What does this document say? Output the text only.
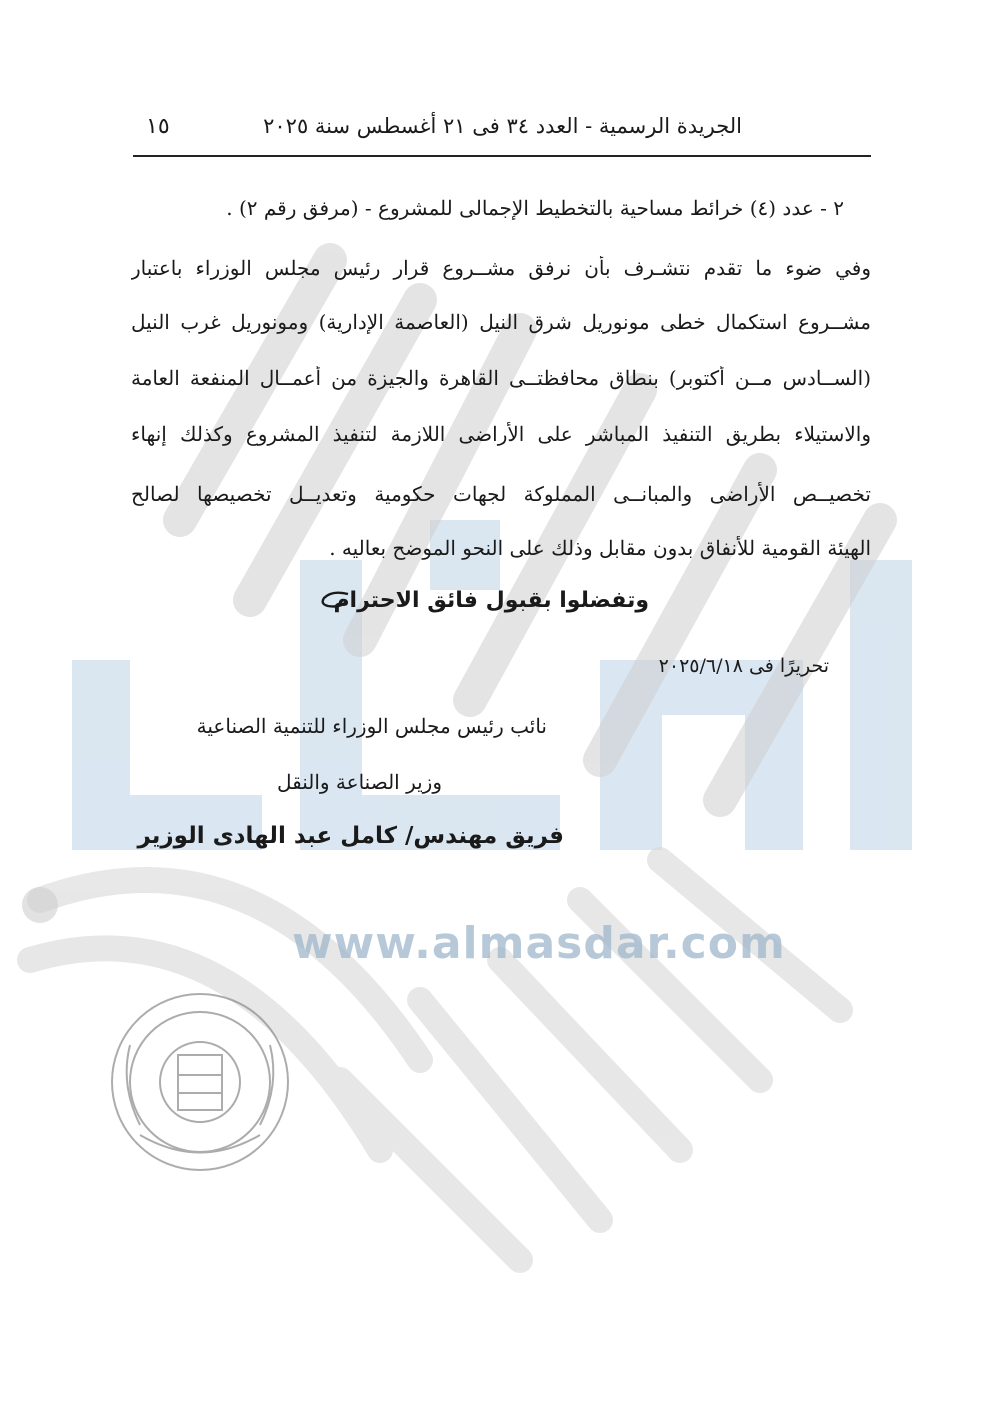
الجريدة الرسمية - العدد ٣٤ فى ٢١ أغسطس سنة ٢٠٢٥
١٥
٢ - عدد (٤) خرائط مساحية بالتخطيط الإجمالى للمشروع - (مرفق رقم ٢) .
وفي ضوء ما تقدم نتشـرف بأن نرفق مشــروع قرار رئيس مجلس الوزراء باعتبار
مشــروع استكمال خطى مونوريل شرق النيل (العاصمة الإدارية) ومونوريل غرب النيل
(الســادس مــن أكتوبر) بنطاق محافظتــى القاهرة والجيزة من أعمــال المنفعة العامة
والاستيلاء بطريق التنفيذ المباشر على الأراضى اللازمة لتنفيذ المشروع وكذلك إنهاء
تخصيــص الأراضى والمبانــى المملوكة لجهات حكومية وتعديــل تخصيصها لصالح
الهيئة القومية للأنفاق بدون مقابل وذلك على النحو الموضح بعاليه .
وتفضلوا بقبول فائق الاحترام
تحريرًا فى ٢٠٢٥/٦/١٨
نائب رئيس مجلس الوزراء للتنمية الصناعية
وزير الصناعة والنقل
فريق مهندس/ كامل عبد الهادى الوزير
www.almasdar.com
